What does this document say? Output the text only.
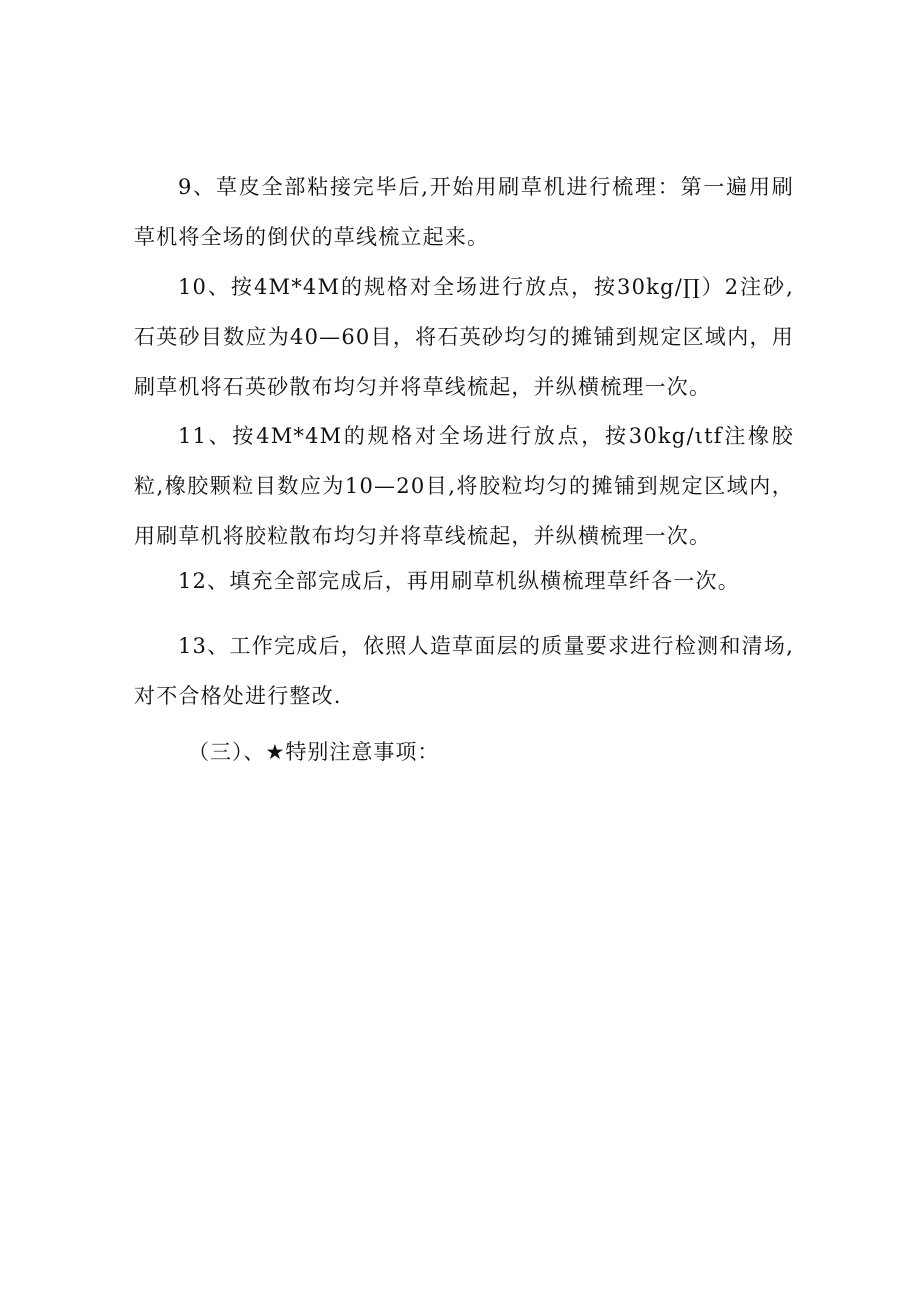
9、草皮全部粘接完毕后,开始用刷草机进行梳理：第一遍用刷草机将全场的倒伏的草线梳立起来。

10、按4M*4M的规格对全场进行放点，按30kg/∏）2注砂,石英砂目数应为40—60目，将石英砂均匀的摊铺到规定区域内，用刷草机将石英砂散布均匀并将草线梳起，并纵横梳理一次。

11、按4M*4M的规格对全场进行放点，按30kg/ιtf注橡胶粒,橡胶颗粒目数应为10—20目,将胶粒均匀的摊铺到规定区域内，用刷草机将胶粒散布均匀并将草线梳起，并纵横梳理一次。

12、填充全部完成后，再用刷草机纵横梳理草纤各一次。

13、工作完成后，依照人造草面层的质量要求进行检测和清场,对不合格处进行整改.

（三）、★特别注意事项：
